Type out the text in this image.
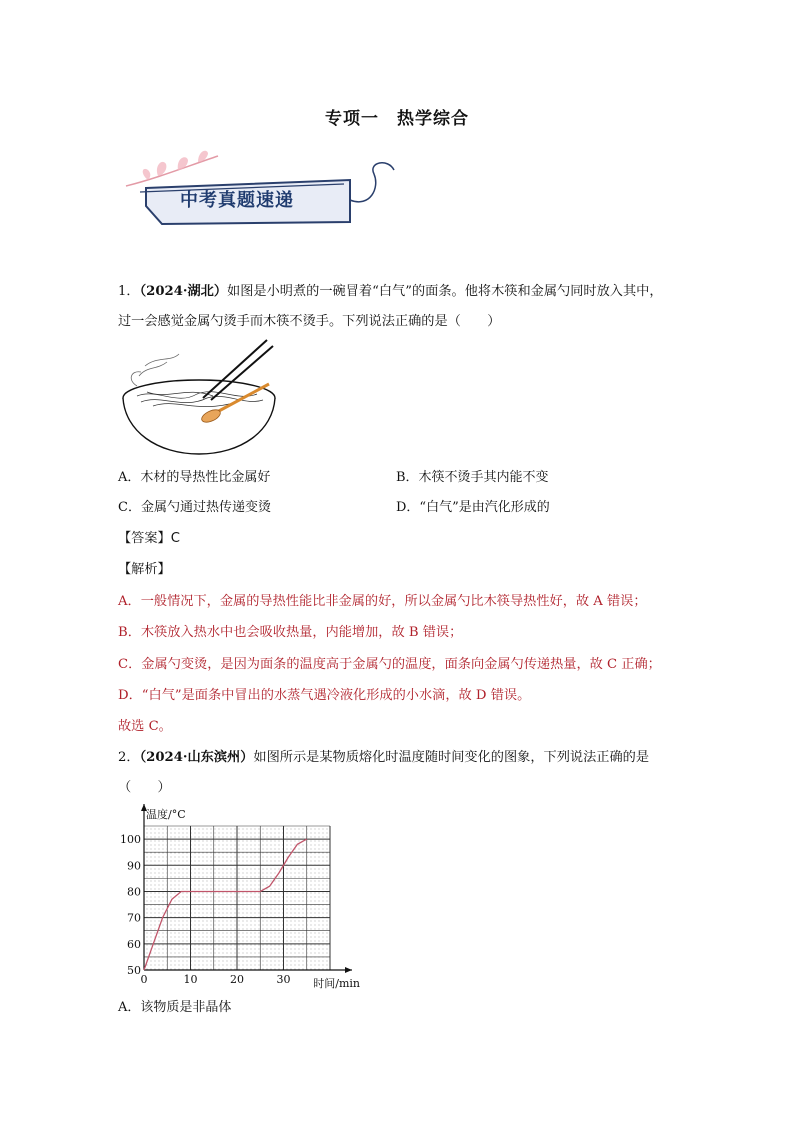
专项一　热学综合
中考真题速递
1．（2024·湖北）如图是小明煮的一碗冒着“白气”的面条。他将木筷和金属勺同时放入其中，
过一会感觉金属勺烫手而木筷不烫手。下列说法正确的是（　　）
A．木材的导热性比金属好	B．木筷不烫手其内能不变
C．金属勺通过热传递变烫	D．“白气”是由汽化形成的
【答案】C
【解析】
A．一般情况下，金属的导热性能比非金属的好，所以金属勺比木筷导热性好，故 A 错误；
B．木筷放入热水中也会吸收热量，内能增加，故 B 错误；
C．金属勺变烫，是因为面条的温度高于金属勺的温度，面条向金属勺传递热量，故 C 正确；
D．“白气”是面条中冒出的水蒸气遇冷液化形成的小水滴，故 D 错误。
故选 C。
2．（2024·山东滨州）如图所示是某物质熔化时温度随时间变化的图象，下列说法正确的是
（　　）
0	10	20	30
50
60
70
80
90
100
温度/°C
时间/min
A．该物质是非晶体
